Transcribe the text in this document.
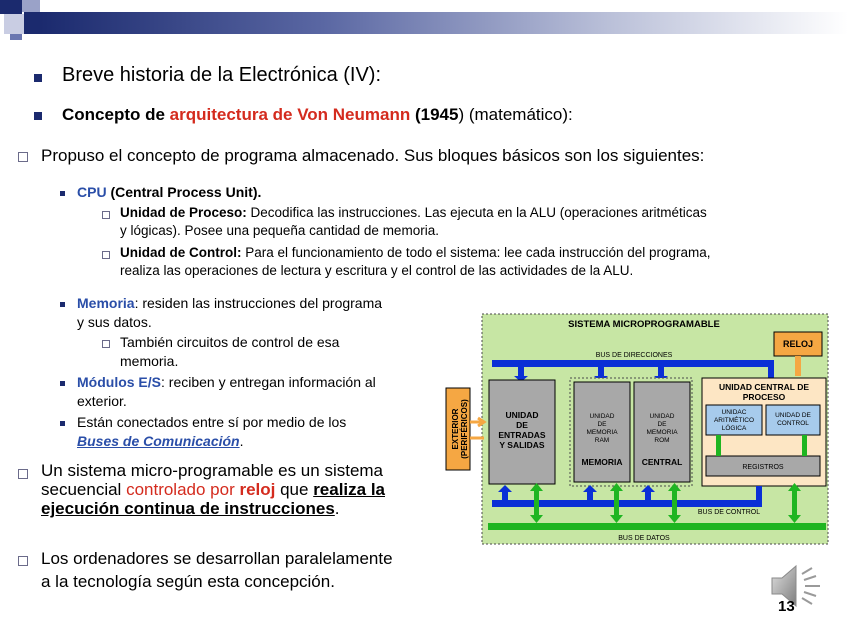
Breve historia de la Electrónica (IV):
Concepto de arquitectura de Von Neumann (1945) (matemático):
Propuso el concepto de programa almacenado. Sus bloques básicos son los siguientes:
CPU (Central Process Unit).
Unidad de Proceso: Decodifica las instrucciones. Las ejecuta en la ALU (operaciones aritméticas
y lógicas). Posee una pequeña cantidad de memoria.
Unidad de Control: Para el funcionamiento de todo el sistema: lee cada instrucción del programa,
realiza las operaciones de lectura y escritura y el control de las actividades de la ALU.
Memoria: residen las instrucciones del programa
y sus datos.
También circuitos de control de esa
memoria.
Módulos E/S: reciben y entregan información al
exterior.
Están conectados entre sí por medio de los
Buses de Comunicación.
Un sistema micro-programable es un sistema
secuencial controlado por reloj que realiza la
ejecución continua de instrucciones.
Los ordenadores se desarrollan paralelamente
a la tecnología según esta concepción.
SISTEMA MICROPROGRAMABLE
EXTERIOR (PERIFÉRICOS)
RELOJ
BUS DE DIRECCIONES
UNIDAD
DE
ENTRADAS
Y SALIDAS
UNIDAD
DE
MEMORIA
RAM
UNIDAD
DE
MEMORIA
ROM
MEMORIA CENTRAL
UNIDAD CENTRAL DE
PROCESO
UNIDAC
ARITMÉTICO
LÓGICA
UNIDAD DE
CONTROL
REGISTROS
BUS DE CONTROL
BUS DE DATOS
13
